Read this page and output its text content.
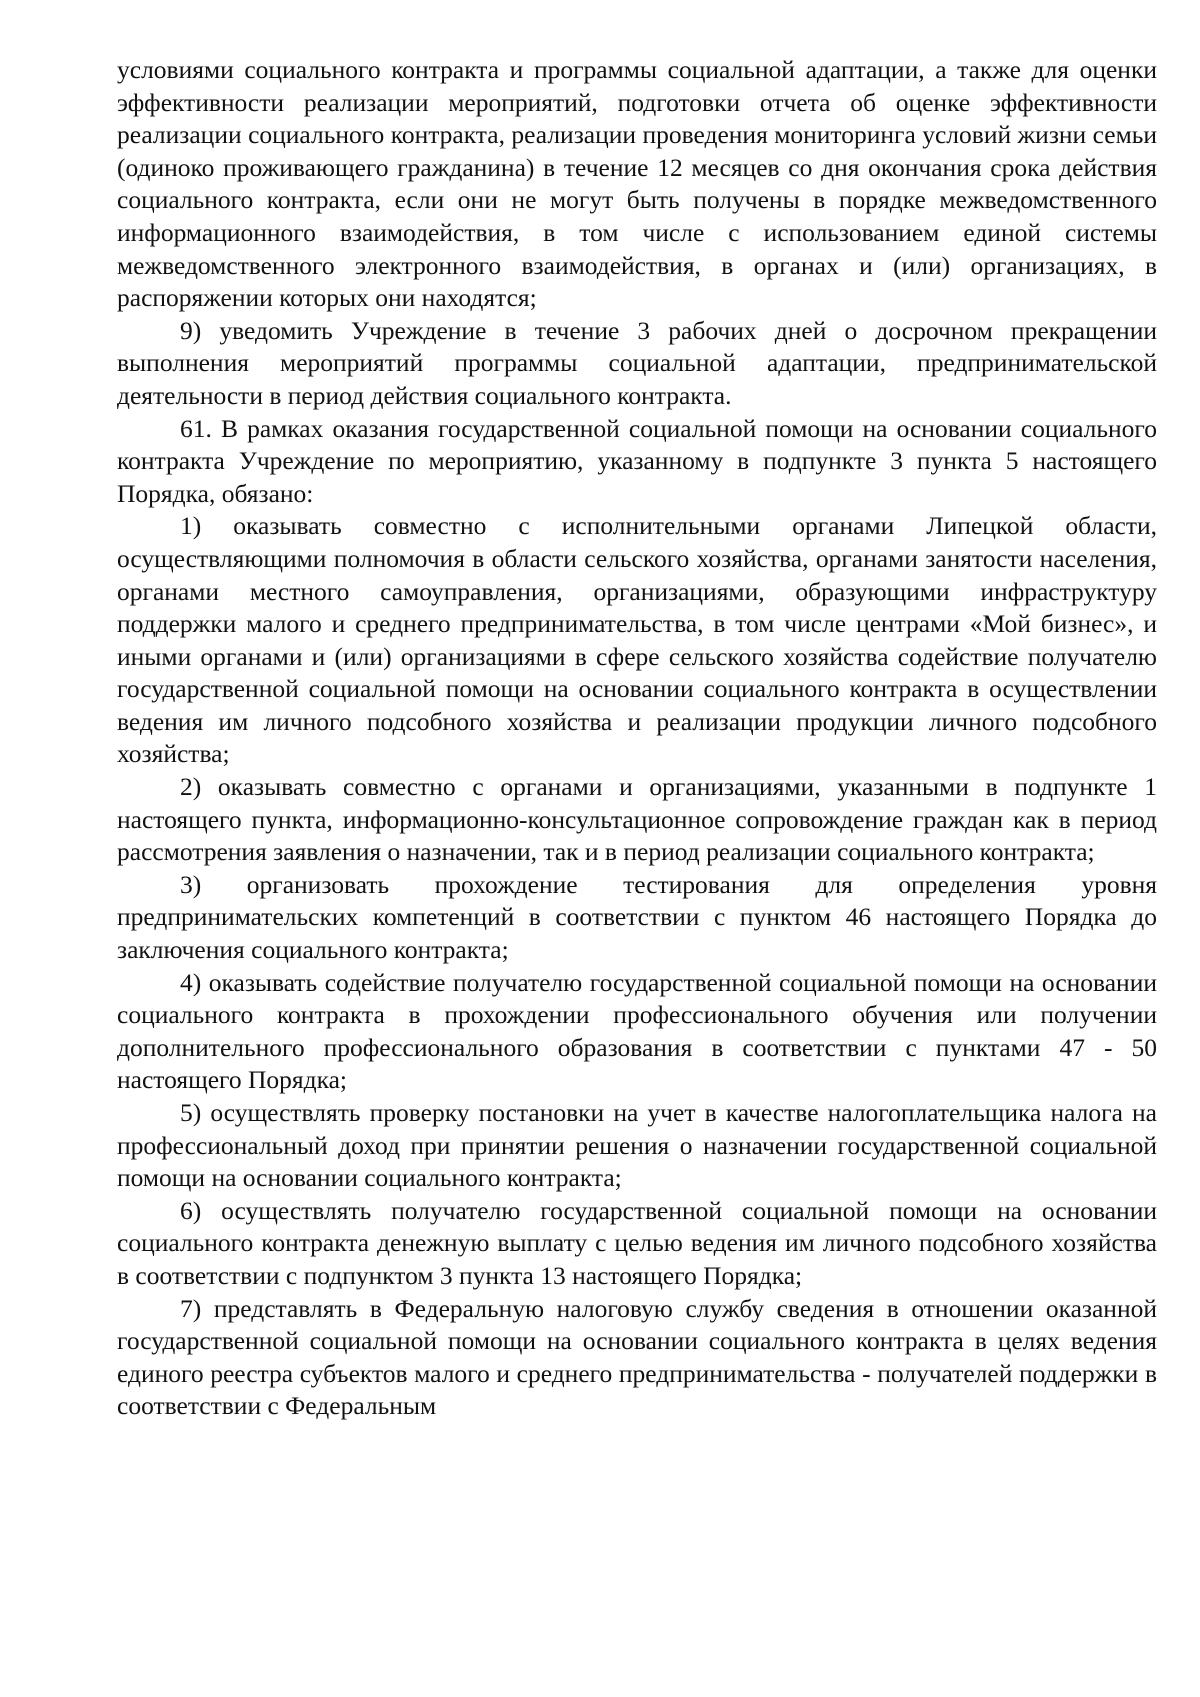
условиями социального контракта и программы социальной адаптации, а также для оценки эффективности реализации мероприятий, подготовки отчета об оценке эффективности реализации социального контракта, реализации проведения мониторинга условий жизни семьи (одиноко проживающего гражданина) в течение 12 месяцев со дня окончания срока действия социального контракта, если они не могут быть получены в порядке межведомственного информационного взаимодействия, в том числе с использованием единой системы межведомственного электронного взаимодействия, в органах и (или) организациях, в распоряжении которых они находятся;

9) уведомить Учреждение в течение 3 рабочих дней о досрочном прекращении выполнения мероприятий программы социальной адаптации, предпринимательской деятельности в период действия социального контракта.

61. В рамках оказания государственной социальной помощи на основании социального контракта Учреждение по мероприятию, указанному в подпункте 3 пункта 5 настоящего Порядка, обязано:

1) оказывать совместно с исполнительными органами Липецкой области, осуществляющими полномочия в области сельского хозяйства, органами занятости населения, органами местного самоуправления, организациями, образующими инфраструктуру поддержки малого и среднего предпринимательства, в том числе центрами «Мой бизнес», и иными органами и (или) организациями в сфере сельского хозяйства содействие получателю государственной социальной помощи на основании социального контракта в осуществлении ведения им личного подсобного хозяйства и реализации продукции личного подсобного хозяйства;

2) оказывать совместно с органами и организациями, указанными в подпункте 1 настоящего пункта, информационно-консультационное сопровождение граждан как в период рассмотрения заявления о назначении, так и в период реализации социального контракта;

3) организовать прохождение тестирования для определения уровня предпринимательских компетенций в соответствии с пунктом 46 настоящего Порядка до заключения социального контракта;

4) оказывать содействие получателю государственной социальной помощи на основании социального контракта в прохождении профессионального обучения или получении дополнительного профессионального образования в соответствии с пунктами 47 - 50 настоящего Порядка;

5) осуществлять проверку постановки на учет в качестве налогоплательщика налога на профессиональный доход при принятии решения о назначении государственной социальной помощи на основании социального контракта;

6) осуществлять получателю государственной социальной помощи на основании социального контракта денежную выплату с целью ведения им личного подсобного хозяйства в соответствии с подпунктом 3 пункта 13 настоящего Порядка;

7) представлять в Федеральную налоговую службу сведения в отношении оказанной государственной социальной помощи на основании социального контракта в целях ведения единого реестра субъектов малого и среднего предпринимательства - получателей поддержки в соответствии с Федеральным
